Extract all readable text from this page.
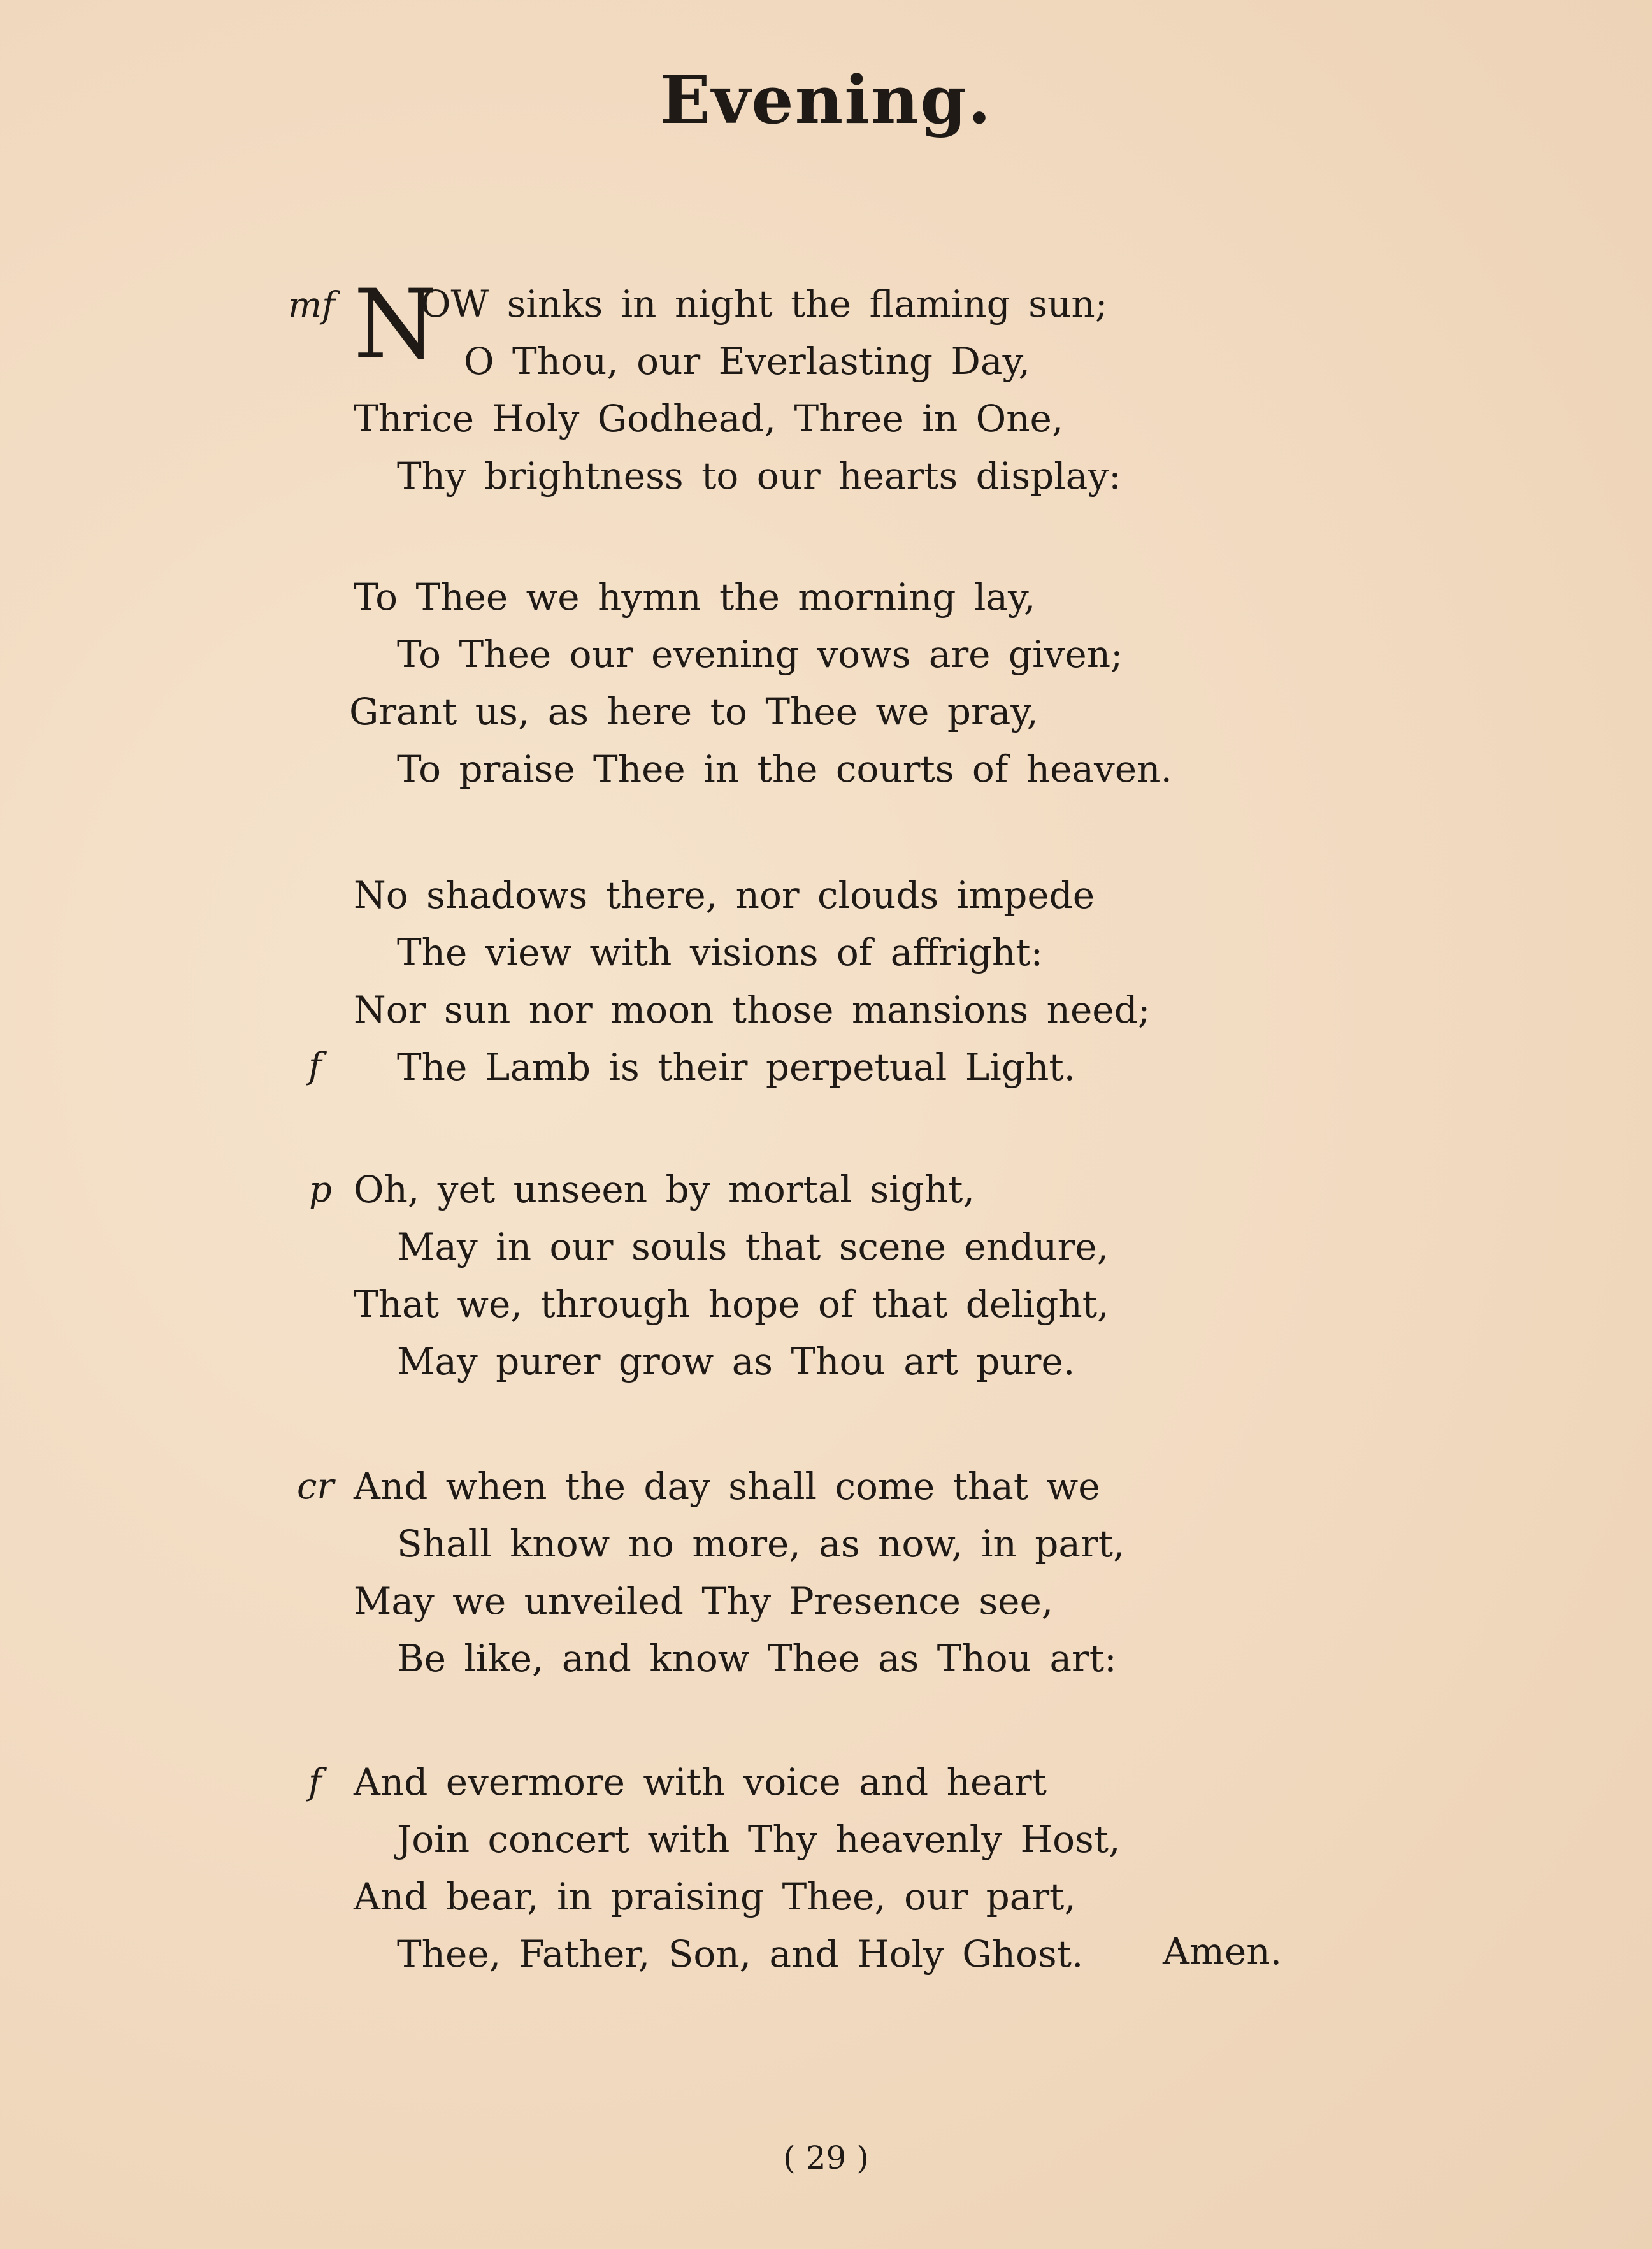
Evening.
mf N
OW sinks in night the flaming sun;
O Thou, our Everlasting Day,
Thrice Holy Godhead, Three in One,
Thy brightness to our hearts display:
To Thee we hymn the morning lay,
To Thee our evening vows are given;
Grant us, as here to Thee we pray,
To praise Thee in the courts of heaven.
No shadows there, nor clouds impede
The view with visions of affright:
Nor sun nor moon those mansions need;
f The Lamb is their perpetual Light.
p Oh, yet unseen by mortal sight,
May in our souls that scene endure,
That we, through hope of that delight,
May purer grow as Thou art pure.
cr And when the day shall come that we
Shall know no more, as now, in part,
May we unveiled Thy Presence see,
Be like, and know Thee as Thou art:
f And evermore with voice and heart
Join concert with Thy heavenly Host,
And bear, in praising Thee, our part,
Thee, Father, Son, and Holy Ghost. Amen.
( 29 )
